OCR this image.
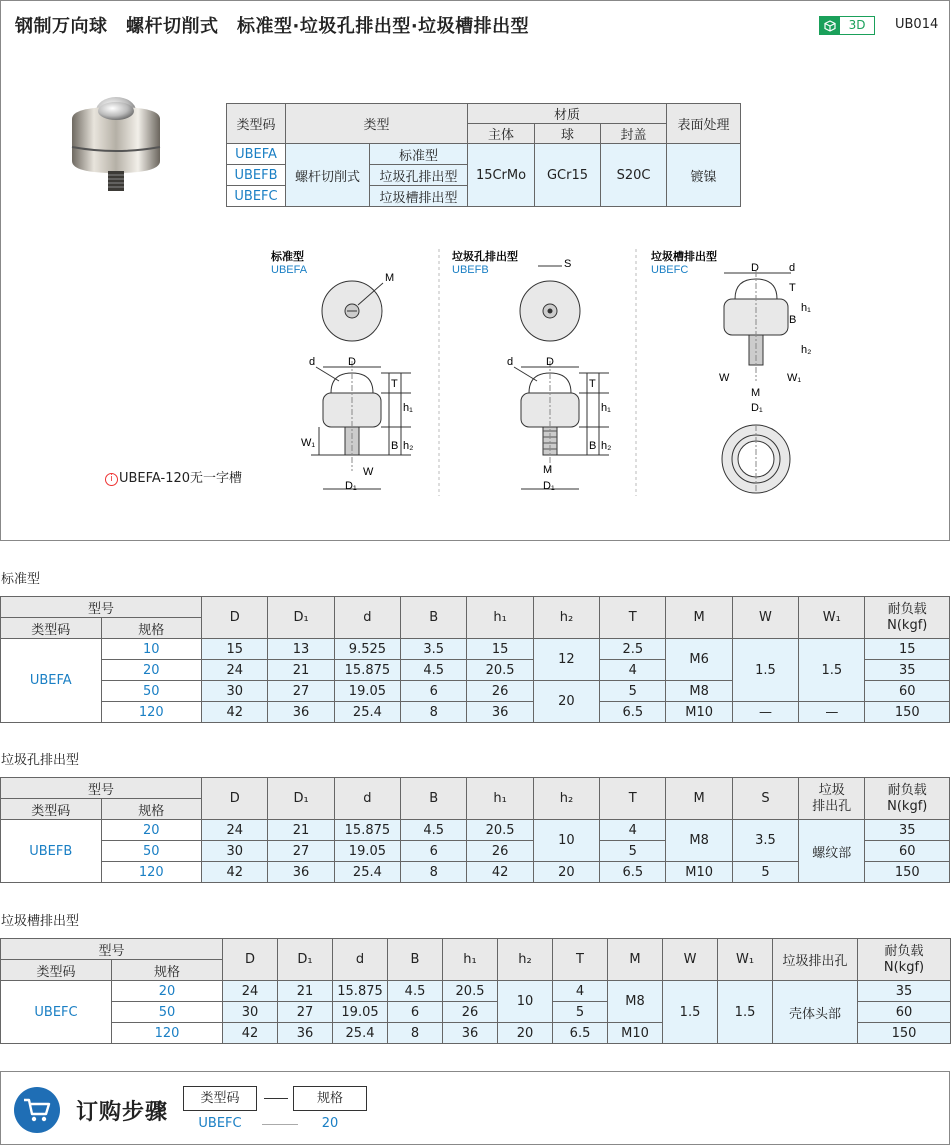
钢制万向球　螺杆切削式　标准型·垃圾孔排出型·垃圾槽排出型	3D	UB014
类型码	类型		材质			表面处理
			主体	球	封盖	
UBEFA	螺杆切削式	标准型	15CrMo	GCr15	S20C	镀镍
UBEFB		垃圾孔排出型				
UBEFC		垃圾槽排出型				
标准型
UBEFA
M
D
d
T
h₁
B h₂
W₁
W
D₁
垃圾孔排出型
UBEFB	S
D
d
T
h₁
B h₂
M
D₁
垃圾槽排出型
UBEFC	D	d
W
M
D₁
T
B
h₁
h₂
W₁
i UBEFA-120无一字槽
标准型
型号		D	D₁	d	B	h₁	h₂	T	M	W	W₁	耐负载
N(kgf)
类型码	规格											
UBEFA	10	15	13	9.525	3.5	15	12	2.5	M6	1.5	1.5	15
	20	24	21	15.875	4.5	20.5		4				35
	50	30	27	19.05	6	26	20	5	M8			60
	120	42	36	25.4	8	36		6.5	M10	—	—	150
垃圾孔排出型
型号		D	D₁	d	B	h₁	h₂	T	M	S	垃圾
排出孔	耐负载
N(kgf)
类型码	规格											
UBEFB	20	24	21	15.875	4.5	20.5	10	4	M8	3.5	螺纹部	35
	50	30	27	19.05	6	26		5				60
	120	42	36	25.4	8	42	20	6.5	M10	5		150
垃圾槽排出型
型号		D	D₁	d	B	h₁	h₂	T	M	W	W₁	垃圾排出孔	耐负载
N(kgf)
类型码	规格												
UBEFC	20	24	21	15.875	4.5	20.5	10	4	M8	1.5	1.5	壳体头部	35
	50	30	27	19.05	6	26		5					60
	120	42	36	25.4	8	36	20	6.5	M10				150
订购步骤
类型码	规格
UBEFC	20
